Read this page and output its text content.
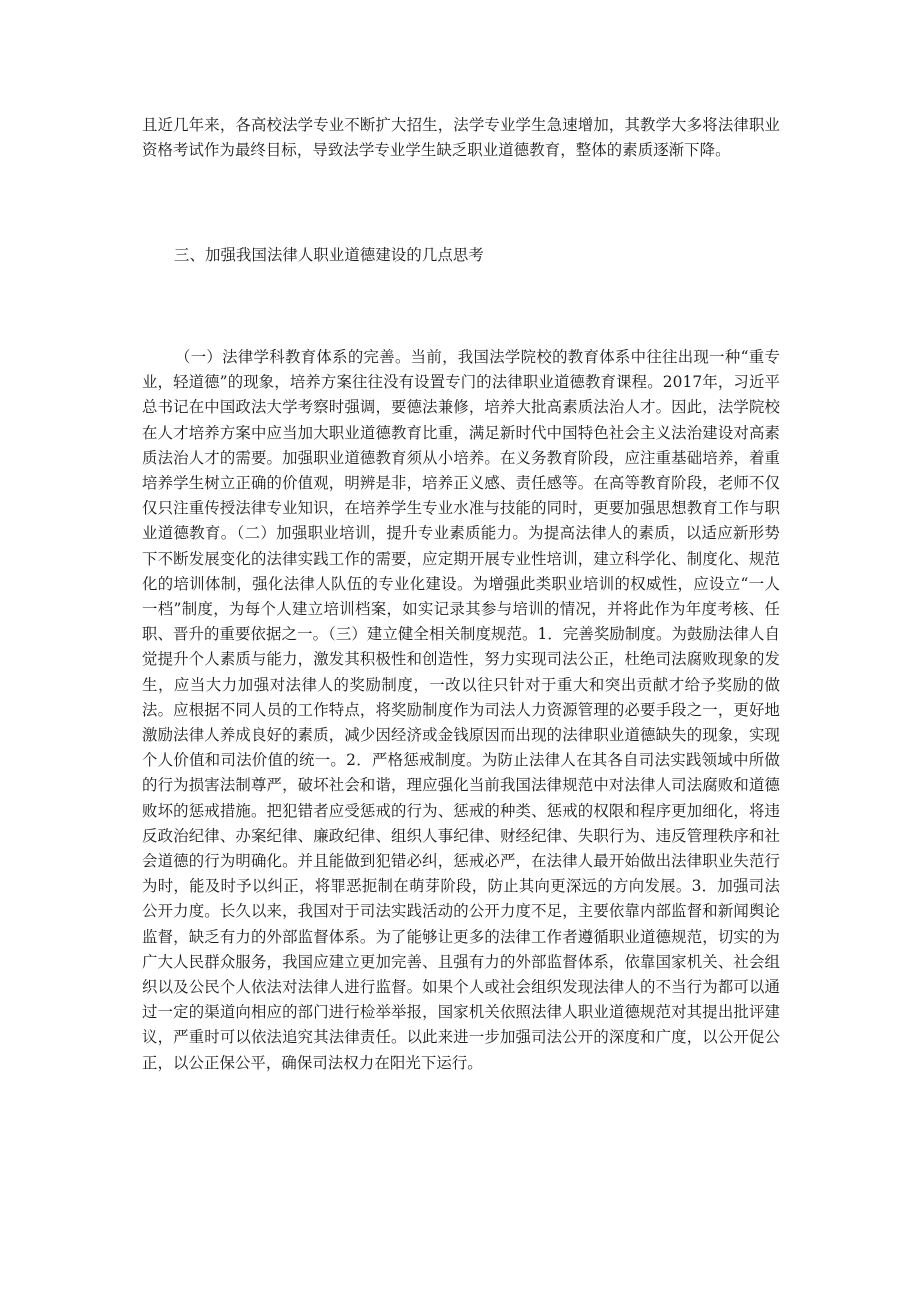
且近几年来，各高校法学专业不断扩大招生，法学专业学生急速增加，其教学大多将法律职业资格考试作为最终目标，导致法学专业学生缺乏职业道德教育，整体的素质逐渐下降。

三、加强我国法律人职业道德建设的几点思考

（一）法律学科教育体系的完善。当前，我国法学院校的教育体系中往往出现一种“重专业，轻道德”的现象，培养方案往往没有设置专门的法律职业道德教育课程。2017年，习近平总书记在中国政法大学考察时强调，要德法兼修，培养大批高素质法治人才。因此，法学院校在人才培养方案中应当加大职业道德教育比重，满足新时代中国特色社会主义法治建设对高素质法治人才的需要。加强职业道德教育须从小培养。在义务教育阶段，应注重基础培养，着重培养学生树立正确的价值观，明辨是非，培养正义感、责任感等。在高等教育阶段，老师不仅仅只注重传授法律专业知识，在培养学生专业水准与技能的同时，更要加强思想教育工作与职业道德教育。（二）加强职业培训，提升专业素质能力。为提高法律人的素质，以适应新形势下不断发展变化的法律实践工作的需要，应定期开展专业性培训，建立科学化、制度化、规范化的培训体制，强化法律人队伍的专业化建设。为增强此类职业培训的权威性，应设立“一人一档”制度，为每个人建立培训档案，如实记录其参与培训的情况，并将此作为年度考核、任职、晋升的重要依据之一。（三）建立健全相关制度规范。1．完善奖励制度。为鼓励法律人自觉提升个人素质与能力，激发其积极性和创造性，努力实现司法公正，杜绝司法腐败现象的发生，应当大力加强对法律人的奖励制度，一改以往只针对于重大和突出贡献才给予奖励的做法。应根据不同人员的工作特点，将奖励制度作为司法人力资源管理的必要手段之一，更好地激励法律人养成良好的素质，减少因经济或金钱原因而出现的法律职业道德缺失的现象，实现个人价值和司法价值的统一。2．严格惩戒制度。为防止法律人在其各自司法实践领域中所做的行为损害法制尊严，破坏社会和谐，理应强化当前我国法律规范中对法律人司法腐败和道德败坏的惩戒措施。把犯错者应受惩戒的行为、惩戒的种类、惩戒的权限和程序更加细化，将违反政治纪律、办案纪律、廉政纪律、组织人事纪律、财经纪律、失职行为、违反管理秩序和社会道德的行为明确化。并且能做到犯错必纠，惩戒必严，在法律人最开始做出法律职业失范行为时，能及时予以纠正，将罪恶扼制在萌芽阶段，防止其向更深远的方向发展。3．加强司法公开力度。长久以来，我国对于司法实践活动的公开力度不足，主要依靠内部监督和新闻舆论监督，缺乏有力的外部监督体系。为了能够让更多的法律工作者遵循职业道德规范，切实的为广大人民群众服务，我国应建立更加完善、且强有力的外部监督体系，依靠国家机关、社会组织以及公民个人依法对法律人进行监督。如果个人或社会组织发现法律人的不当行为都可以通过一定的渠道向相应的部门进行检举举报，国家机关依照法律人职业道德规范对其提出批评建议，严重时可以依法追究其法律责任。以此来进一步加强司法公开的深度和广度，以公开促公正，以公正保公平，确保司法权力在阳光下运行。
